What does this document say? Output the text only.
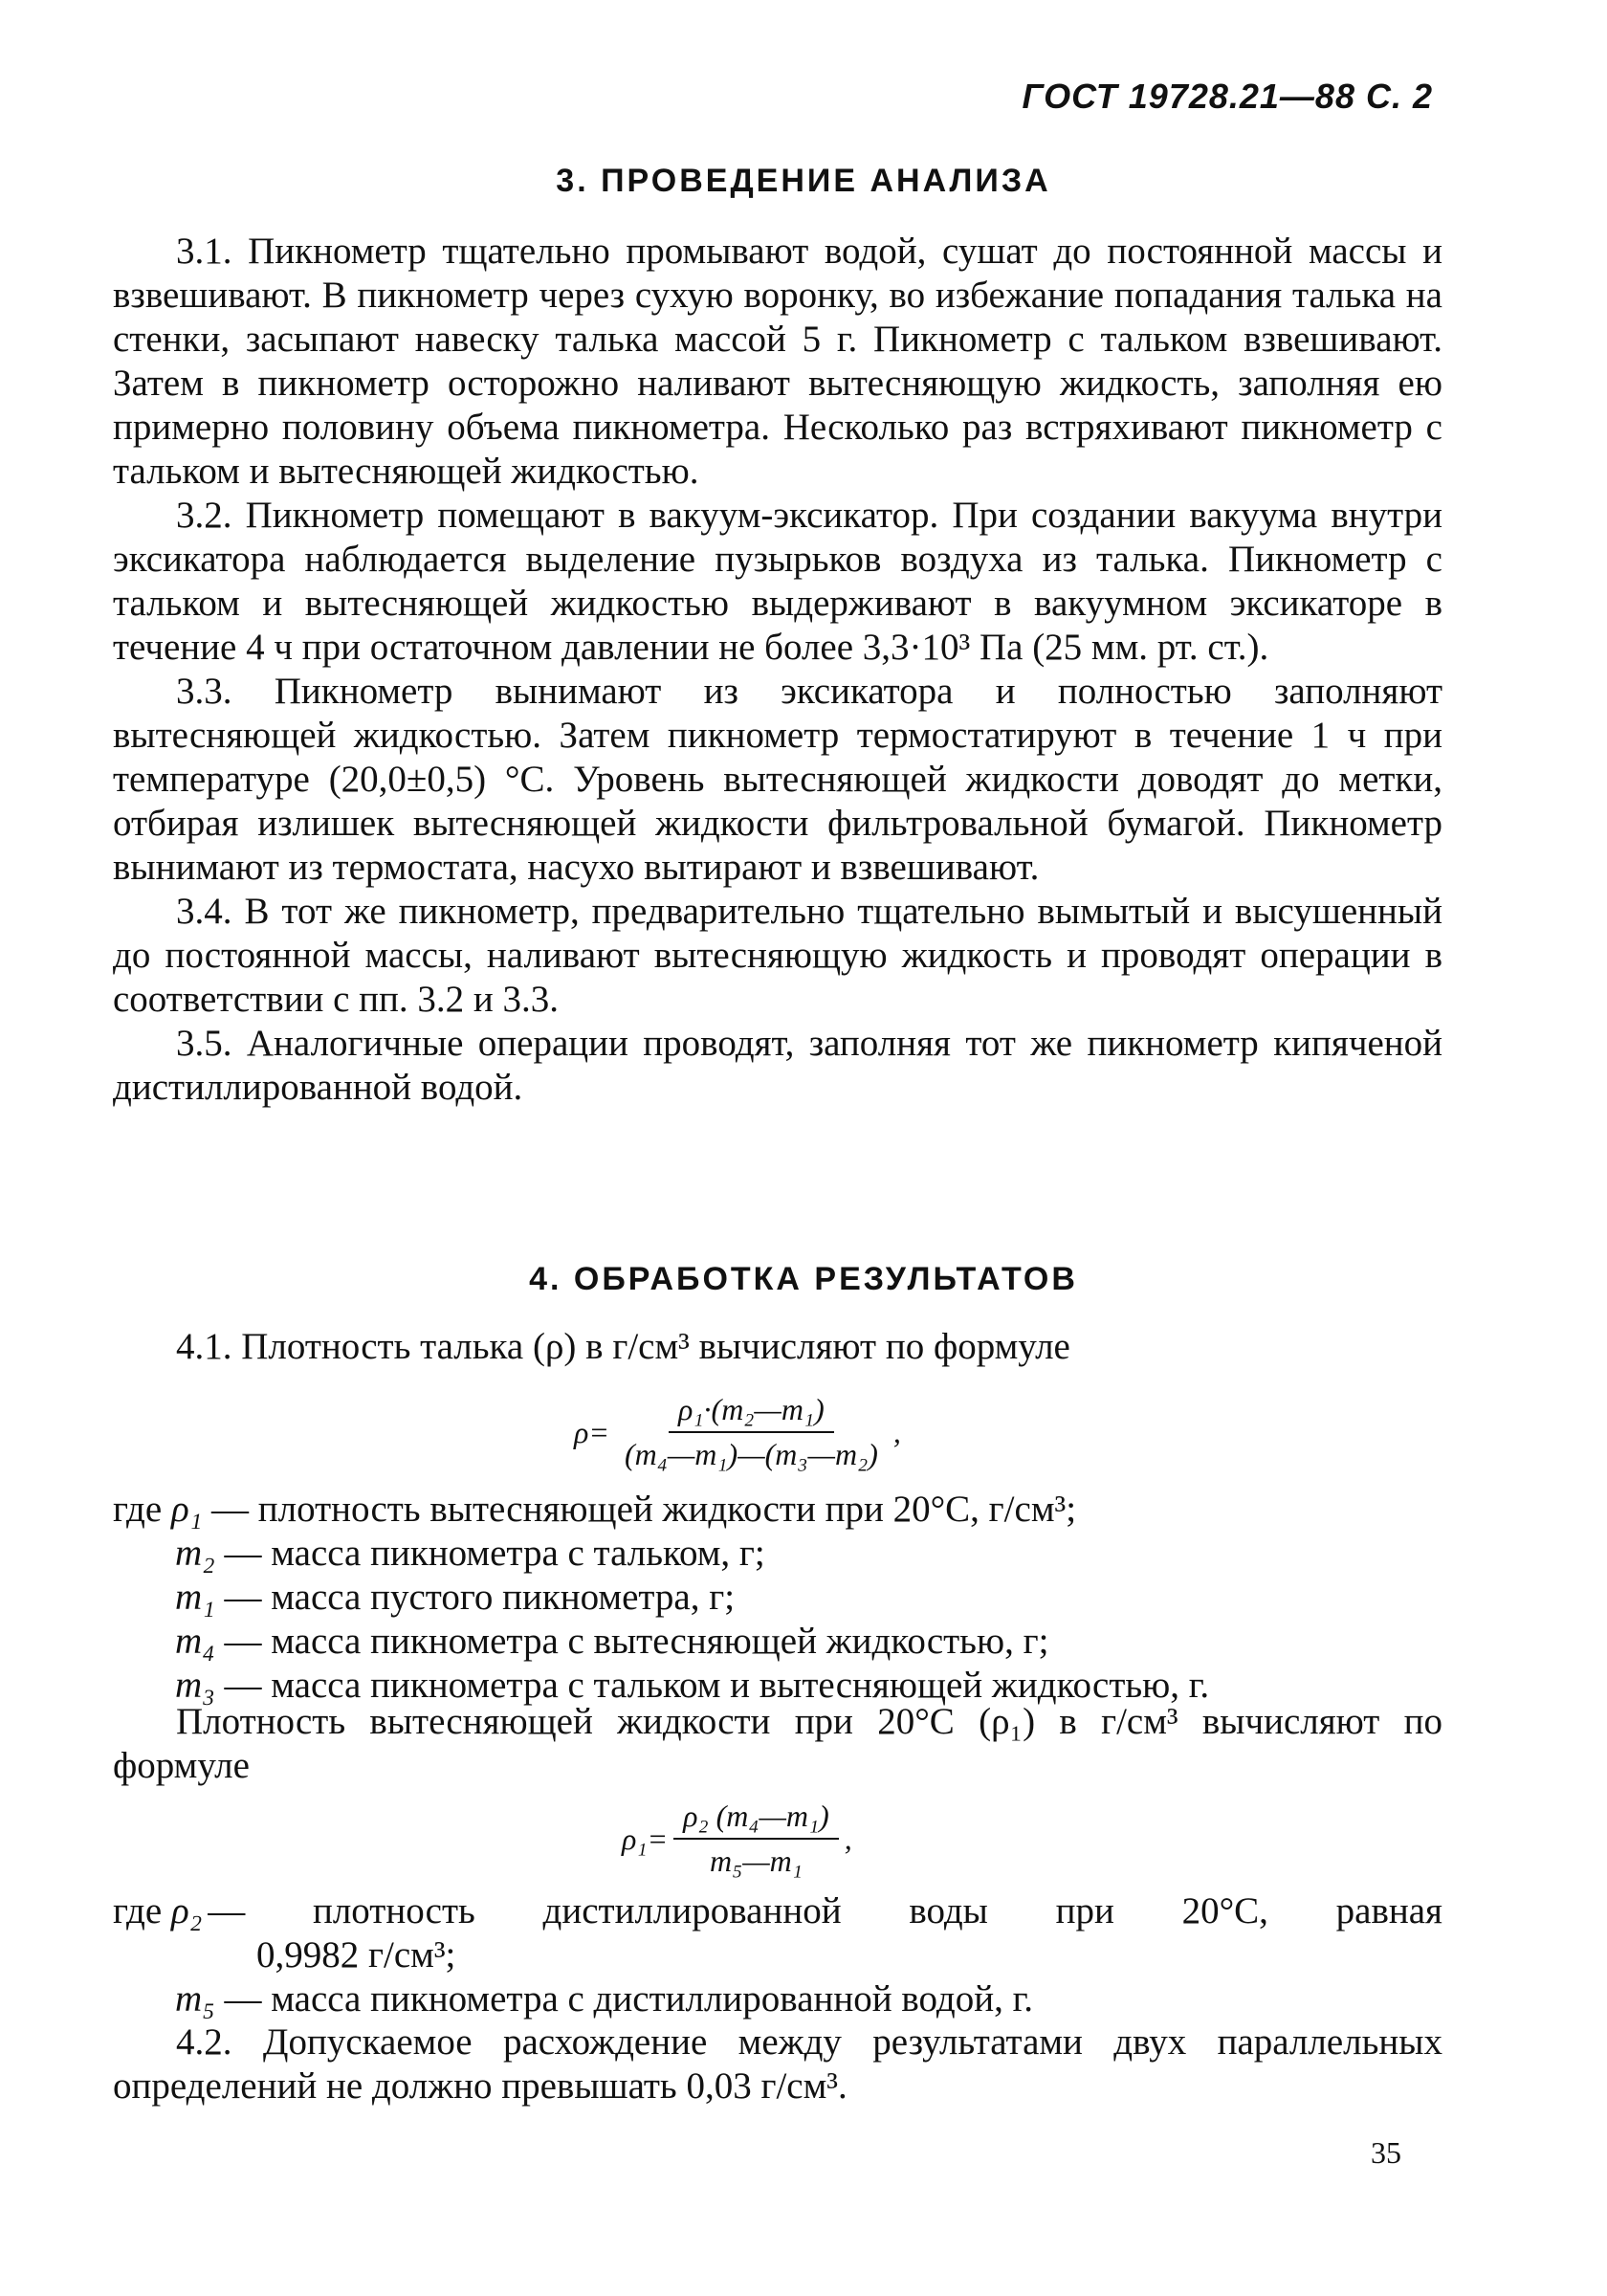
ГОСТ 19728.21—88 С. 2
3. ПРОВЕДЕНИЕ АНАЛИЗА

3.1. Пикнометр тщательно промывают водой, сушат до постоянной массы и взвешивают. В пикнометр через сухую воронку, во избежание попадания талька на стенки, засыпают навеску талька массой 5 г. Пикнометр с тальком взвешивают. Затем в пикнометр осторожно наливают вытесняющую жидкость, заполняя ею примерно половину объема пикнометра. Несколько раз встряхивают пикнометр с тальком и вытесняющей жидкостью.

3.2. Пикнометр помещают в вакуум-эксикатор. При создании вакуума внутри эксикатора наблюдается выделение пузырьков воздуха из талька. Пикнометр с тальком и вытесняющей жидкостью выдерживают в вакуумном эксикаторе в течение 4 ч при остаточном давлении не более 3,3·10³ Па (25 мм. рт. ст.).

3.3. Пикнометр вынимают из эксикатора и полностью заполняют вытесняющей жидкостью. Затем пикнометр термостатируют в течение 1 ч при температуре (20,0±0,5) °С. Уровень вытесняющей жидкости доводят до метки, отбирая излишек вытесняющей жидкости фильтровальной бумагой. Пикнометр вынимают из термостата, насухо вытирают и взвешивают.

3.4. В тот же пикнометр, предварительно тщательно вымытый и высушенный до постоянной массы, наливают вытесняющую жидкость и проводят операции в соответствии с пп. 3.2 и 3.3.

3.5. Аналогичные операции проводят, заполняя тот же пикнометр кипяченой дистиллированной водой.

4. ОБРАБОТКА РЕЗУЛЬТАТОВ
4.1. Плотность талька (ρ) в г/см³ вычисляют по формуле
$\rho= \frac{\text{ρ₁·(m₂—m₁)}}{\text{(m₄—m₁)—(m₃—m₂)}}$ ,
где ρ₁ — плотность вытесняющей жидкости при 20°С, г/см³;
m₂ — масса пикнометра с тальком, г;
m₁ — масса пустого пикнометра, г;
m₄ — масса пикнометра с вытесняющей жидкостью, г;
m₃ — масса пикнометра с тальком и вытесняющей жидкостью, г.

Плотность вытесняющей жидкости при 20°С (ρ₁) в г/см³ вычисляют по формуле

$\rho_1= \frac{\text{ρ₂ (m₄—m₁)}}{\text{m₅—m₁}}$ ,
где ρ₂ — плотность дистиллированной воды при 20°С, равная
0,9982 г/см³;
m₅ — масса пикнометра с дистиллированной водой, г.

4.2. Допускаемое расхождение между результатами двух параллельных определений не должно превышать 0,03 г/см³.

35
